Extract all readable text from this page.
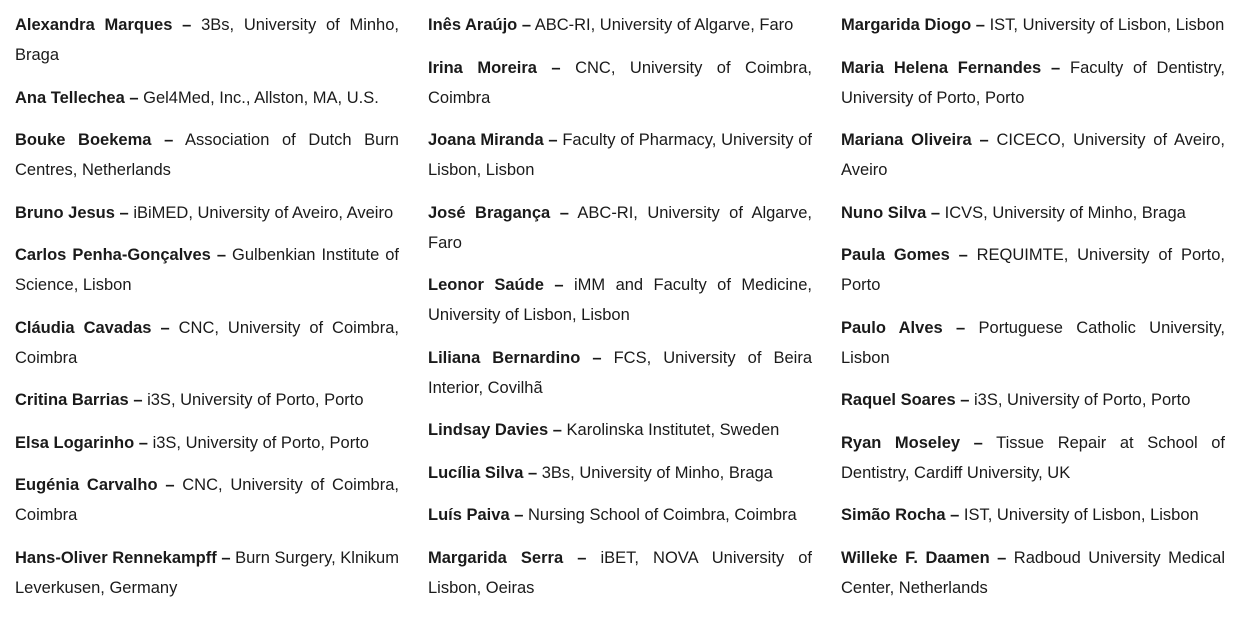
Alexandra Marques – 3Bs, University of Minho, Braga

Ana Tellechea – Gel4Med, Inc., Allston, MA, U.S.

Bouke Boekema – Association of Dutch Burn Centres, Netherlands

Bruno Jesus – iBiMED, University of Aveiro, Aveiro

Carlos Penha-Gonçalves – Gulbenkian Institute of Science, Lisbon

Cláudia Cavadas – CNC, University of Coimbra, Coimbra

Critina Barrias – i3S, University of Porto, Porto

Elsa Logarinho – i3S, University of Porto, Porto

Eugénia Carvalho – CNC, University of Coimbra, Coimbra

Hans-Oliver Rennekampff – Burn Surgery, Klnikum Leverkusen, Germany

Inês Araújo – ABC-RI, University of Algarve, Faro

Irina Moreira – CNC, University of Coimbra, Coimbra

Joana Miranda – Faculty of Pharmacy, University of Lisbon, Lisbon

José Bragança – ABC-RI, University of Algarve, Faro

Leonor Saúde – iMM and Faculty of Medicine, University of Lisbon, Lisbon

Liliana Bernardino – FCS, University of Beira Interior, Covilhã

Lindsay Davies – Karolinska Institutet, Sweden

Lucília Silva – 3Bs, University of Minho, Braga

Luís Paiva – Nursing School of Coimbra, Coimbra

Margarida Serra – iBET, NOVA University of Lisbon, Oeiras

Margarida Diogo – IST, University of Lisbon, Lisbon

Maria Helena Fernandes – Faculty of Dentistry, University of Porto, Porto

Mariana Oliveira – CICECO, University of Aveiro, Aveiro

Nuno Silva – ICVS, University of Minho, Braga

Paula Gomes – REQUIMTE, University of Porto, Porto

Paulo Alves – Portuguese Catholic University, Lisbon

Raquel Soares – i3S, University of Porto, Porto

Ryan Moseley – Tissue Repair at School of Dentistry, Cardiff University, UK

Simão Rocha – IST, University of Lisbon, Lisbon

Willeke F. Daamen – Radboud University Medical Center, Netherlands
